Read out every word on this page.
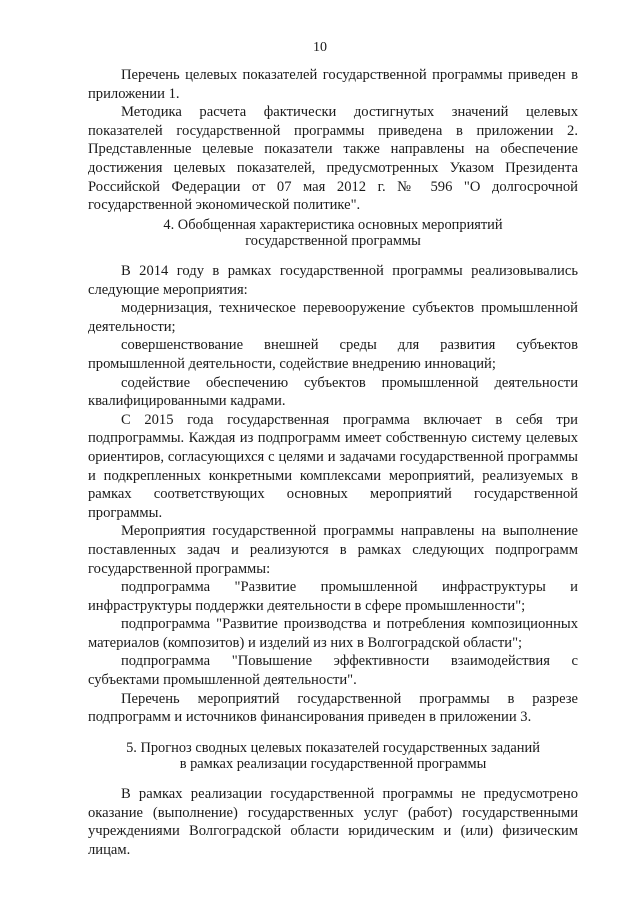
10

Перечень целевых показателей государственной программы приведен в приложении 1.

Методика расчета фактически достигнутых значений целевых показателей государственной программы приведена в приложении 2. Представленные целевые показатели также направлены на обеспечение достижения целевых показателей, предусмотренных Указом Президента Российской Федерации от 07 мая 2012 г. № 596 "О долгосрочной государственной экономической политике".

4. Обобщенная характеристика основных мероприятий

государственной программы

В 2014 году в рамках государственной программы реализовывались следующие мероприятия:

модернизация, техническое перевооружение субъектов промышленной деятельности;

совершенствование внешней среды для развития субъектов промышленной деятельности, содействие внедрению инноваций;

содействие обеспечению субъектов промышленной деятельности квалифицированными кадрами.

С 2015 года государственная программа включает в себя три подпрограммы. Каждая из подпрограмм имеет собственную систему целевых ориентиров, согласующихся с целями и задачами государственной программы и подкрепленных конкретными комплексами мероприятий, реализуемых в рамках соответствующих основных мероприятий государственной программы.

Мероприятия государственной программы направлены на выполнение поставленных задач и реализуются в рамках следующих подпрограмм государственной программы:

подпрограмма "Развитие промышленной инфраструктуры и инфраструктуры поддержки деятельности в сфере промышленности";

подпрограмма "Развитие производства и потребления композиционных материалов (композитов) и изделий из них в Волгоградской области";

подпрограмма "Повышение эффективности взаимодействия с субъектами промышленной деятельности".

Перечень мероприятий государственной программы в разрезе подпрограмм и источников финансирования приведен в приложении 3.

5. Прогноз сводных целевых показателей государственных заданий

в рамках реализации государственной программы

В рамках реализации государственной программы не предусмотрено оказание (выполнение) государственных услуг (работ) государственными учреждениями Волгоградской области юридическим и (или) физическим лицам.
